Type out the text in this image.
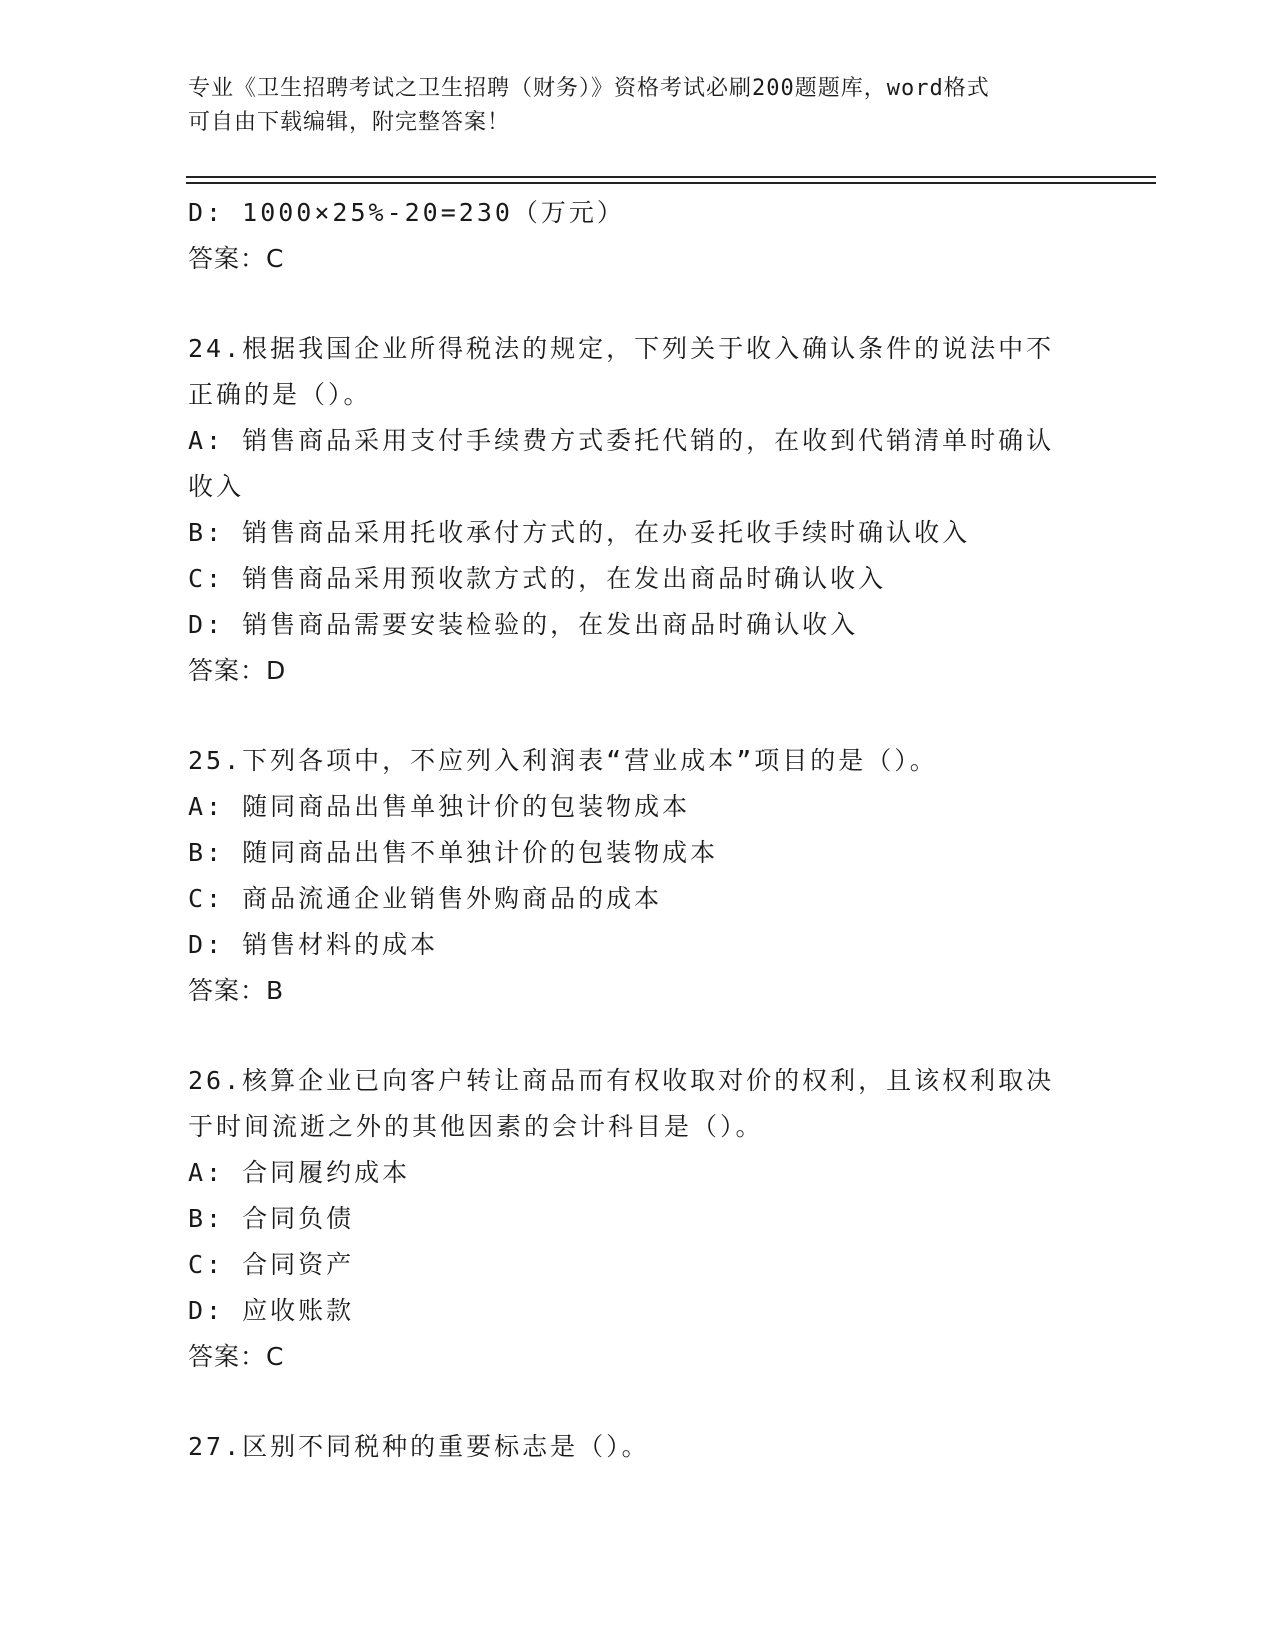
专业《卫生招聘考试之卫生招聘（财务）》资格考试必刷200题题库，word格式
可自由下载编辑，附完整答案！
D: 1000×25%-20=230（万元）
答案：C
24.根据我国企业所得税法的规定，下列关于收入确认条件的说法中不
正确的是（）。
A: 销售商品采用支付手续费方式委托代销的，在收到代销清单时确认
收入
B: 销售商品采用托收承付方式的，在办妥托收手续时确认收入
C: 销售商品采用预收款方式的，在发出商品时确认收入
D: 销售商品需要安装检验的，在发出商品时确认收入
答案：D
25.下列各项中，不应列入利润表“营业成本”项目的是（）。
A: 随同商品出售单独计价的包装物成本
B: 随同商品出售不单独计价的包装物成本
C: 商品流通企业销售外购商品的成本
D: 销售材料的成本
答案：B
26.核算企业已向客户转让商品而有权收取对价的权利，且该权利取决
于时间流逝之外的其他因素的会计科目是（）。
A: 合同履约成本
B: 合同负债
C: 合同资产
D: 应收账款
答案：C
27.区别不同税种的重要标志是（）。
